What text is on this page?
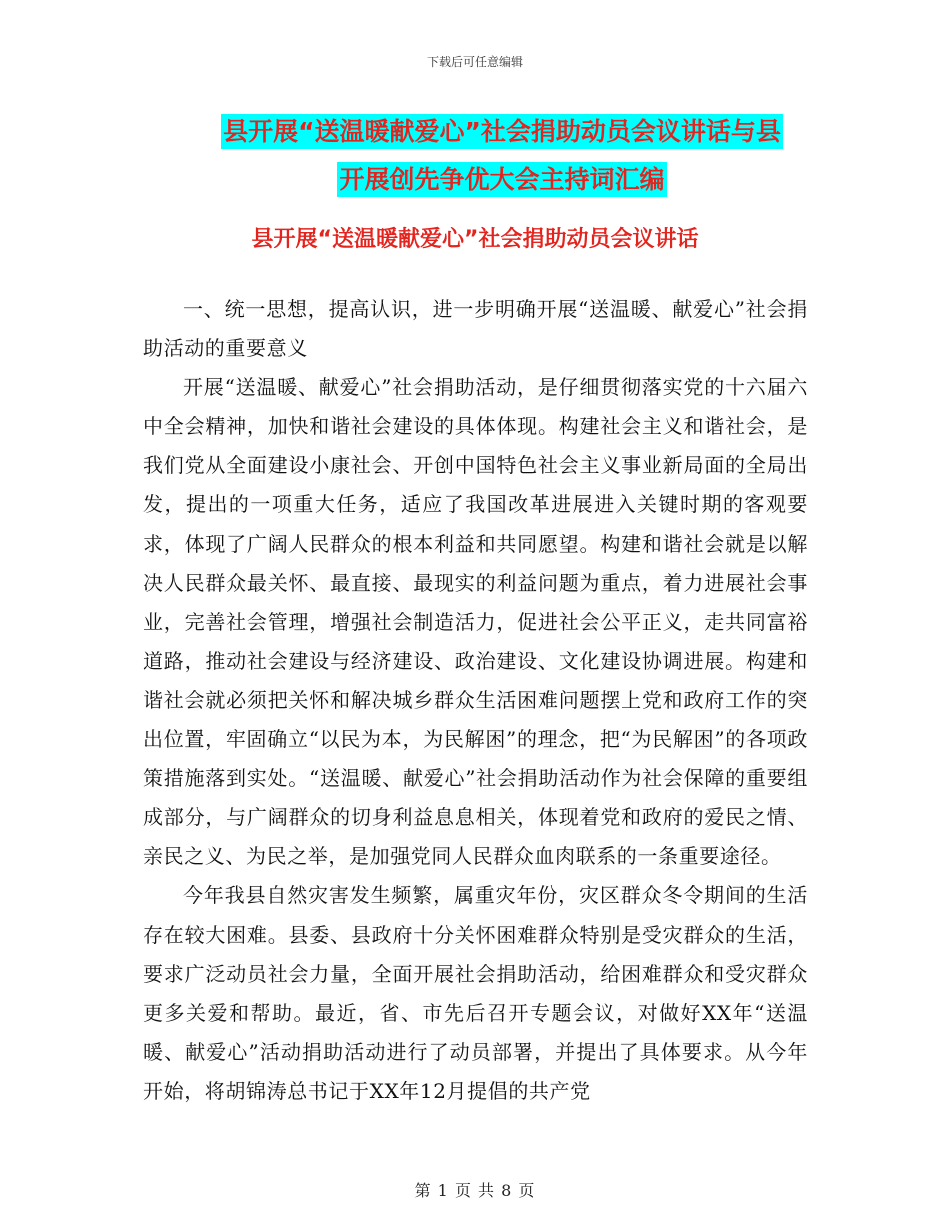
下载后可任意编辑
县开展“送温暖献爱心”社会捐助动员会议讲话与县
开展创先争优大会主持词汇编
县开展“送温暖献爱心”社会捐助动员会议讲话

一、统一思想，提高认识，进一步明确开展“送温暖、献爱心”社会捐助活动的重要意义

开展“送温暖、献爱心”社会捐助活动，是仔细贯彻落实党的十六届六中全会精神，加快和谐社会建设的具体体现。构建社会主义和谐社会，是我们党从全面建设小康社会、开创中国特色社会主义事业新局面的全局出发，提出的一项重大任务，适应了我国改革进展进入关键时期的客观要求，体现了广阔人民群众的根本利益和共同愿望。构建和谐社会就是以解决人民群众最关怀、最直接、最现实的利益问题为重点，着力进展社会事业，完善社会管理，增强社会制造活力，促进社会公平正义，走共同富裕道路，推动社会建设与经济建设、政治建设、文化建设协调进展。构建和谐社会就必须把关怀和解决城乡群众生活困难问题摆上党和政府工作的突出位置，牢固确立“以民为本，为民解困”的理念，把“为民解困”的各项政策措施落到实处。“送温暖、献爱心”社会捐助活动作为社会保障的重要组成部分，与广阔群众的切身利益息息相关，体现着党和政府的爱民之情、亲民之义、为民之举，是加强党同人民群众血肉联系的一条重要途径。

今年我县自然灾害发生频繁，属重灾年份，灾区群众冬令期间的生活存在较大困难。县委、县政府十分关怀困难群众特别是受灾群众的生活，要求广泛动员社会力量，全面开展社会捐助活动，给困难群众和受灾群众更多关爱和帮助。最近，省、市先后召开专题会议，对做好XX年“送温暖、献爱心”活动捐助活动进行了动员部署，并提出了具体要求。从今年开始，将胡锦涛总书记于XX年12月提倡的共产党

第 1 页 共 8 页
